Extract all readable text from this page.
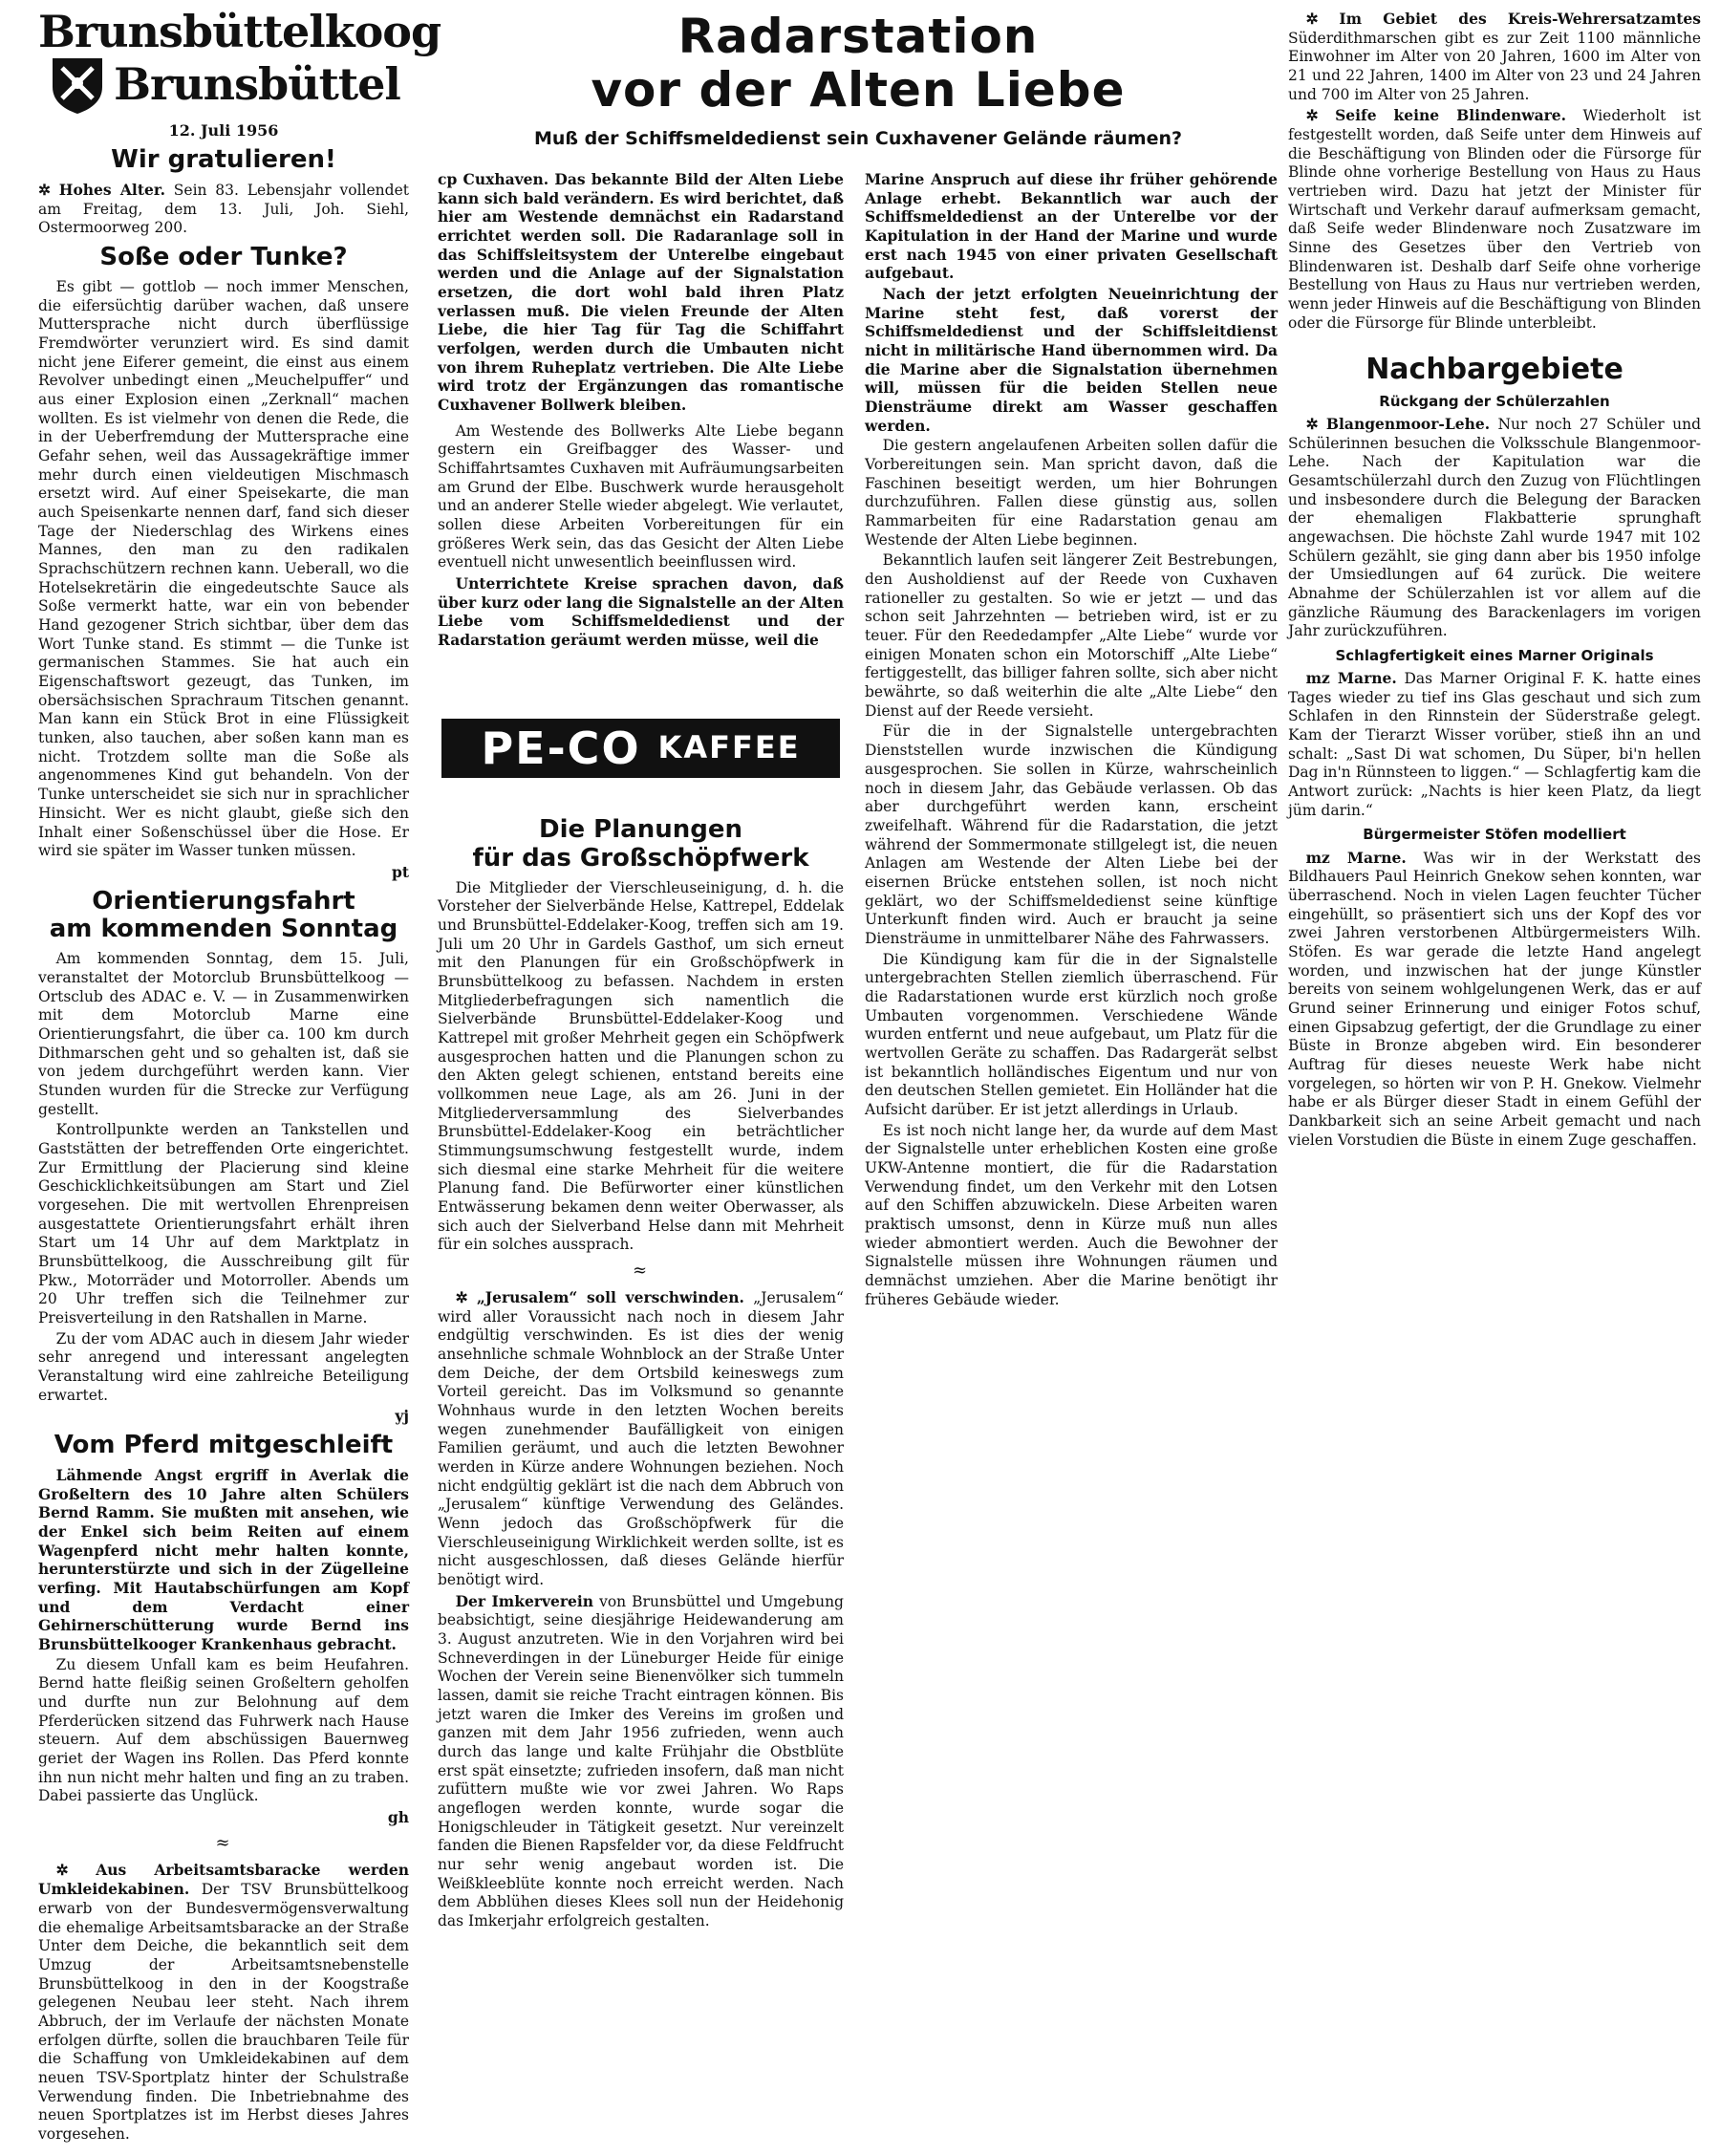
Radarstation
vor der Alten Liebe
Muß der Schiffsmeldedienst sein Cuxhavener Gelände räumen?
Brunsbüttelkoog
Brunsbüttel
12. Juli 1956
Wir gratulieren!

✲ Hohes Alter. Sein 83. Lebensjahr vollendet am Freitag, dem 13. Juli, Joh. Siehl, Ostermoorweg 200.

Soße oder Tunke?

Es gibt — gottlob — noch immer Menschen, die eifersüchtig darüber wachen, daß unsere Muttersprache nicht durch überflüssige Fremdwörter verunziert wird. Es sind damit nicht jene Eiferer gemeint, die einst aus einem Revolver unbedingt einen „Meuchelpuffer“ und aus einer Explosion einen „Zerknall“ machen wollten. Es ist vielmehr von denen die Rede, die in der Ueberfremdung der Muttersprache eine Gefahr sehen, weil das Aussagekräftige immer mehr durch einen vieldeutigen Mischmasch ersetzt wird. Auf einer Speisekarte, die man auch Speisenkarte nennen darf, fand sich dieser Tage der Niederschlag des Wirkens eines Mannes, den man zu den radikalen Sprachschützern rechnen kann. Ueberall, wo die Hotelsekretärin die eingedeutschte Sauce als Soße vermerkt hatte, war ein von bebender Hand gezogener Strich sichtbar, über dem das Wort Tunke stand. Es stimmt — die Tunke ist germanischen Stammes. Sie hat auch ein Eigenschaftswort gezeugt, das Tunken, im obersächsischen Sprachraum Titschen genannt. Man kann ein Stück Brot in eine Flüssigkeit tunken, also tauchen, aber soßen kann man es nicht. Trotzdem sollte man die Soße als angenommenes Kind gut behandeln. Von der Tunke unterscheidet sie sich nur in sprachlicher Hinsicht. Wer es nicht glaubt, gieße sich den Inhalt einer Soßenschüssel über die Hose. Er wird sie später im Wasser tunken müssen.

pt
Orientierungsfahrt
am kommenden Sonntag

Am kommenden Sonntag, dem 15. Juli, veranstaltet der Motorclub Brunsbüttelkoog — Ortsclub des ADAC e. V. — in Zusammenwirken mit dem Motorclub Marne eine Orientierungsfahrt, die über ca. 100 km durch Dithmarschen geht und so gehalten ist, daß sie von jedem durchgeführt werden kann. Vier Stunden wurden für die Strecke zur Verfügung gestellt.

Kontrollpunkte werden an Tankstellen und Gaststätten der betreffenden Orte eingerichtet. Zur Ermittlung der Placierung sind kleine Geschicklichkeitsübungen am Start und Ziel vorgesehen. Die mit wertvollen Ehrenpreisen ausgestattete Orientierungsfahrt erhält ihren Start um 14 Uhr auf dem Marktplatz in Brunsbüttelkoog, die Ausschreibung gilt für Pkw., Motorräder und Motorroller. Abends um 20 Uhr treffen sich die Teilnehmer zur Preisverteilung in den Ratshallen in Marne.

Zu der vom ADAC auch in diesem Jahr wieder sehr anregend und interessant angelegten Veranstaltung wird eine zahlreiche Beteiligung erwartet.

yj
Vom Pferd mitgeschleift

Lähmende Angst ergriff in Averlak die Großeltern des 10 Jahre alten Schülers Bernd Ramm. Sie mußten mit ansehen, wie der Enkel sich beim Reiten auf einem Wagenpferd nicht mehr halten konnte, herunterstürzte und sich in der Zügelleine verfing. Mit Hautabschürfungen am Kopf und dem Verdacht einer Gehirnerschütterung wurde Bernd ins Brunsbüttelkooger Krankenhaus gebracht.

Zu diesem Unfall kam es beim Heufahren. Bernd hatte fleißig seinen Großeltern geholfen und durfte nun zur Belohnung auf dem Pferderücken sitzend das Fuhrwerk nach Hause steuern. Auf dem abschüssigen Bauernweg geriet der Wagen ins Rollen. Das Pferd konnte ihn nun nicht mehr halten und fing an zu traben. Dabei passierte das Unglück.

gh
≈

✲ Aus Arbeitsamtsbaracke werden Umkleidekabinen. Der TSV Brunsbüttelkoog erwarb von der Bundesvermögensverwaltung die ehemalige Arbeitsamtsbaracke an der Straße Unter dem Deiche, die bekanntlich seit dem Umzug der Arbeitsamtsnebenstelle Brunsbüttelkoog in den in der Koogstraße gelegenen Neubau leer steht. Nach ihrem Abbruch, der im Verlaufe der nächsten Monate erfolgen dürfte, sollen die brauchbaren Teile für die Schaffung von Umkleidekabinen auf dem neuen TSV-Sportplatz hinter der Schulstraße Verwendung finden. Die Inbetriebnahme des neuen Sportplatzes ist im Herbst dieses Jahres vorgesehen.

cp Cuxhaven. Das bekannte Bild der Alten Liebe kann sich bald verändern. Es wird berichtet, daß hier am Westende demnächst ein Radarstand errichtet werden soll. Die Radaranlage soll in das Schiffsleitsystem der Unterelbe eingebaut werden und die Anlage auf der Signalstation ersetzen, die dort wohl bald ihren Platz verlassen muß. Die vielen Freunde der Alten Liebe, die hier Tag für Tag die Schiffahrt verfolgen, werden durch die Umbauten nicht von ihrem Ruheplatz vertrieben. Die Alte Liebe wird trotz der Ergänzungen das romantische Cuxhavener Bollwerk bleiben.

Am Westende des Bollwerks Alte Liebe begann gestern ein Greifbagger des Wasser- und Schiffahrtsamtes Cuxhaven mit Aufräumungsarbeiten am Grund der Elbe. Buschwerk wurde herausgeholt und an anderer Stelle wieder abgelegt. Wie verlautet, sollen diese Arbeiten Vorbereitungen für ein größeres Werk sein, das das Gesicht der Alten Liebe eventuell nicht unwesentlich beeinflussen wird.

Unterrichtete Kreise sprachen davon, daß über kurz oder lang die Signalstelle an der Alten Liebe vom Schiffsmeldedienst und der Radarstation geräumt werden müsse, weil die

PE-CO KAFFEE
Die Planungen
für das Großschöpfwerk

Die Mitglieder der Vierschleuseinigung, d. h. die Vorsteher der Sielverbände Helse, Kattrepel, Eddelak und Brunsbüttel-Eddelaker-Koog, treffen sich am 19. Juli um 20 Uhr in Gardels Gasthof, um sich erneut mit den Planungen für ein Großschöpfwerk in Brunsbüttelkoog zu befassen. Nachdem in ersten Mitgliederbefragungen sich namentlich die Sielverbände Brunsbüttel-Eddelaker-Koog und Kattrepel mit großer Mehrheit gegen ein Schöpfwerk ausgesprochen hatten und die Planungen schon zu den Akten gelegt schienen, entstand bereits eine vollkommen neue Lage, als am 26. Juni in der Mitgliederversammlung des Sielverbandes Brunsbüttel-Eddelaker-Koog ein beträchtlicher Stimmungsumschwung festgestellt wurde, indem sich diesmal eine starke Mehrheit für die weitere Planung fand. Die Befürworter einer künstlichen Entwässerung bekamen denn weiter Oberwasser, als sich auch der Sielverband Helse dann mit Mehrheit für ein solches aussprach.

≈

✲ „Jerusalem“ soll verschwinden. „Jerusalem“ wird aller Voraussicht nach noch in diesem Jahr endgültig verschwinden. Es ist dies der wenig ansehnliche schmale Wohnblock an der Straße Unter dem Deiche, der dem Ortsbild keineswegs zum Vorteil gereicht. Das im Volksmund so genannte Wohnhaus wurde in den letzten Wochen bereits wegen zunehmender Baufälligkeit von einigen Familien geräumt, und auch die letzten Bewohner werden in Kürze andere Wohnungen beziehen. Noch nicht endgültig geklärt ist die nach dem Abbruch von „Jerusalem“ künftige Verwendung des Geländes. Wenn jedoch das Großschöpfwerk für die Vierschleuseinigung Wirklichkeit werden sollte, ist es nicht ausgeschlossen, daß dieses Gelände hierfür benötigt wird.

Der Imkerverein von Brunsbüttel und Umgebung beabsichtigt, seine diesjährige Heidewanderung am 3. August anzutreten. Wie in den Vorjahren wird bei Schneverdingen in der Lüneburger Heide für einige Wochen der Verein seine Bienenvölker sich tummeln lassen, damit sie reiche Tracht eintragen können. Bis jetzt waren die Imker des Vereins im großen und ganzen mit dem Jahr 1956 zufrieden, wenn auch durch das lange und kalte Frühjahr die Obstblüte erst spät einsetzte; zufrieden insofern, daß man nicht zufüttern mußte wie vor zwei Jahren. Wo Raps angeflogen werden konnte, wurde sogar die Honigschleuder in Tätigkeit gesetzt. Nur vereinzelt fanden die Bienen Rapsfelder vor, da diese Feldfrucht nur sehr wenig angebaut worden ist. Die Weißkleeblüte konnte noch erreicht werden. Nach dem Abblühen dieses Klees soll nun der Heidehonig das Imkerjahr erfolgreich gestalten.

Marine Anspruch auf diese ihr früher gehörende Anlage erhebt. Bekanntlich war auch der Schiffsmeldedienst an der Unterelbe vor der Kapitulation in der Hand der Marine und wurde erst nach 1945 von einer privaten Gesellschaft aufgebaut.

Nach der jetzt erfolgten Neueinrichtung der Marine steht fest, daß vorerst der Schiffsmeldedienst und der Schiffsleitdienst nicht in militärische Hand übernommen wird. Da die Marine aber die Signalstation übernehmen will, müssen für die beiden Stellen neue Diensträume direkt am Wasser geschaffen werden.

Die gestern angelaufenen Arbeiten sollen dafür die Vorbereitungen sein. Man spricht davon, daß die Faschinen beseitigt werden, um hier Bohrungen durchzuführen. Fallen diese günstig aus, sollen Rammarbeiten für eine Radarstation genau am Westende der Alten Liebe beginnen.

Bekanntlich laufen seit längerer Zeit Bestrebungen, den Ausholdienst auf der Reede von Cuxhaven rationeller zu gestalten. So wie er jetzt — und das schon seit Jahrzehnten — betrieben wird, ist er zu teuer. Für den Reededampfer „Alte Liebe“ wurde vor einigen Monaten schon ein Motorschiff „Alte Liebe“ fertiggestellt, das billiger fahren sollte, sich aber nicht bewährte, so daß weiterhin die alte „Alte Liebe“ den Dienst auf der Reede versieht.

Für die in der Signalstelle untergebrachten Dienststellen wurde inzwischen die Kündigung ausgesprochen. Sie sollen in Kürze, wahrscheinlich noch in diesem Jahr, das Gebäude verlassen. Ob das aber durchgeführt werden kann, erscheint zweifelhaft. Während für die Radarstation, die jetzt während der Sommermonate stillgelegt ist, die neuen Anlagen am Westende der Alten Liebe bei der eisernen Brücke entstehen sollen, ist noch nicht geklärt, wo der Schiffsmeldedienst seine künftige Unterkunft finden wird. Auch er braucht ja seine Diensträume in unmittelbarer Nähe des Fahrwassers.

Die Kündigung kam für die in der Signalstelle untergebrachten Stellen ziemlich überraschend. Für die Radarstationen wurde erst kürzlich noch große Umbauten vorgenommen. Verschiedene Wände wurden entfernt und neue aufgebaut, um Platz für die wertvollen Geräte zu schaffen. Das Radargerät selbst ist bekanntlich holländisches Eigentum und nur von den deutschen Stellen gemietet. Ein Holländer hat die Aufsicht darüber. Er ist jetzt allerdings in Urlaub.

Es ist noch nicht lange her, da wurde auf dem Mast der Signalstelle unter erheblichen Kosten eine große UKW-Antenne montiert, die für die Radarstation Verwendung findet, um den Verkehr mit den Lotsen auf den Schiffen abzuwickeln. Diese Arbeiten waren praktisch umsonst, denn in Kürze muß nun alles wieder abmontiert werden. Auch die Bewohner der Signalstelle müssen ihre Wohnungen räumen und demnächst umziehen. Aber die Marine benötigt ihr früheres Gebäude wieder.

✲ Im Gebiet des Kreis-Wehrersatzamtes Süderdithmarschen gibt es zur Zeit 1100 männliche Einwohner im Alter von 20 Jahren, 1600 im Alter von 21 und 22 Jahren, 1400 im Alter von 23 und 24 Jahren und 700 im Alter von 25 Jahren.

✲ Seife keine Blindenware. Wiederholt ist festgestellt worden, daß Seife unter dem Hinweis auf die Beschäftigung von Blinden oder die Fürsorge für Blinde ohne vorherige Bestellung von Haus zu Haus vertrieben wird. Dazu hat jetzt der Minister für Wirtschaft und Verkehr darauf aufmerksam gemacht, daß Seife weder Blindenware noch Zusatzware im Sinne des Gesetzes über den Vertrieb von Blindenwaren ist. Deshalb darf Seife ohne vorherige Bestellung von Haus zu Haus nur vertrieben werden, wenn jeder Hinweis auf die Beschäftigung von Blinden oder die Fürsorge für Blinde unterbleibt.

Nachbargebiete
Rückgang der Schülerzahlen

✲ Blangenmoor-Lehe. Nur noch 27 Schüler und Schülerinnen besuchen die Volksschule Blangenmoor-Lehe. Nach der Kapitulation war die Gesamtschülerzahl durch den Zuzug von Flüchtlingen und insbesondere durch die Belegung der Baracken der ehemaligen Flakbatterie sprunghaft angewachsen. Die höchste Zahl wurde 1947 mit 102 Schülern gezählt, sie ging dann aber bis 1950 infolge der Umsiedlungen auf 64 zurück. Die weitere Abnahme der Schülerzahlen ist vor allem auf die gänzliche Räumung des Barackenlagers im vorigen Jahr zurückzuführen.

Schlagfertigkeit eines Marner Originals

mz Marne. Das Marner Original F. K. hatte eines Tages wieder zu tief ins Glas geschaut und sich zum Schlafen in den Rinnstein der Süderstraße gelegt. Kam der Tierarzt Wisser vorüber, stieß ihn an und schalt: „Sast Di wat schomen, Du Süper, bi'n hellen Dag in'n Rünnsteen to liggen.“ — Schlagfertig kam die Antwort zurück: „Nachts is hier keen Platz, da liegt jüm darin.“

Bürgermeister Stöfen modelliert

mz Marne. Was wir in der Werkstatt des Bildhauers Paul Heinrich Gnekow sehen konnten, war überraschend. Noch in vielen Lagen feuchter Tücher eingehüllt, so präsentiert sich uns der Kopf des vor zwei Jahren verstorbenen Altbürgermeisters Wilh. Stöfen. Es war gerade die letzte Hand angelegt worden, und inzwischen hat der junge Künstler bereits von seinem wohlgelungenen Werk, das er auf Grund seiner Erinnerung und einiger Fotos schuf, einen Gipsabzug gefertigt, der die Grundlage zu einer Büste in Bronze abgeben wird. Ein besonderer Auftrag für dieses neueste Werk habe nicht vorgelegen, so hörten wir von P. H. Gnekow. Vielmehr habe er als Bürger dieser Stadt in einem Gefühl der Dankbarkeit sich an seine Arbeit gemacht und nach vielen Vorstudien die Büste in einem Zuge geschaffen.
